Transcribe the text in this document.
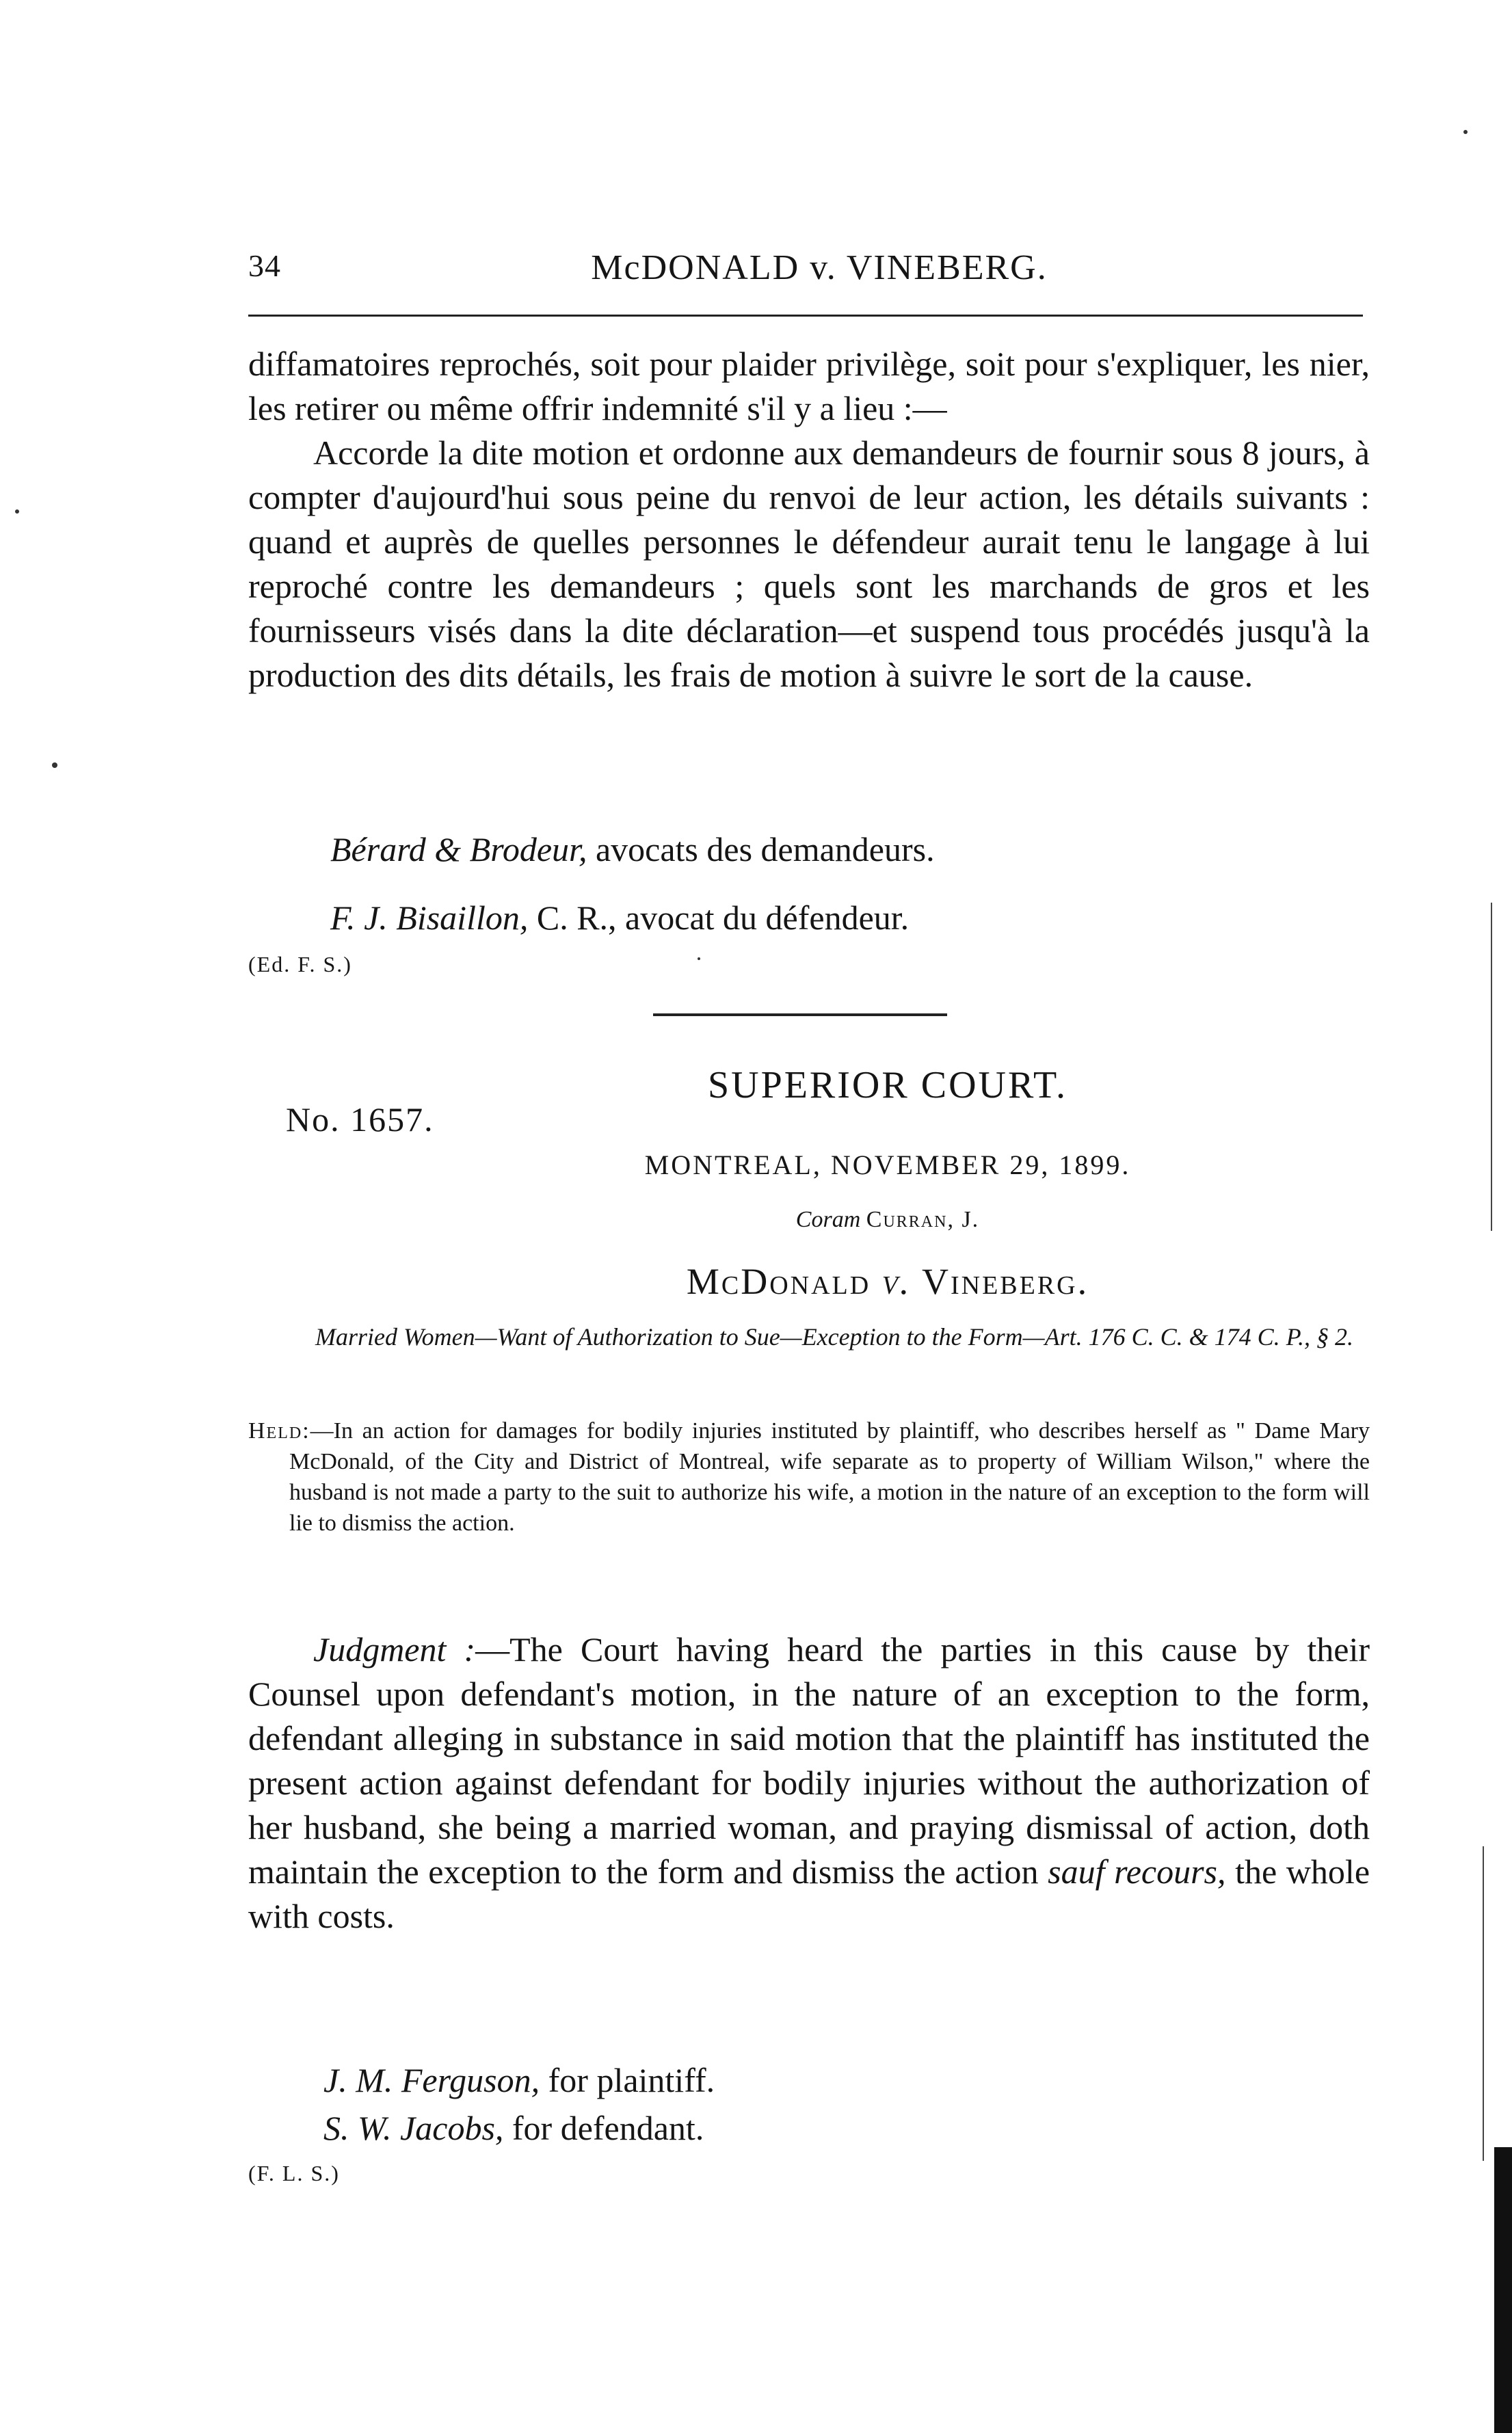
34	McDONALD v. VINEBERG.

diffamatoires reprochés, soit pour plaider privilège, soit pour s'expliquer, les nier, les retirer ou même offrir indemnité s'il y a lieu :—

Accorde la dite motion et ordonne aux demandeurs de fournir sous 8 jours, à compter d'aujourd'hui sous peine du renvoi de leur action, les détails suivants : quand et auprès de quelles personnes le défendeur aurait tenu le langage à lui reproché contre les demandeurs ; quels sont les marchands de gros et les fournisseurs visés dans la dite déclaration—et suspend tous procédés jusqu'à la production des dits détails, les frais de motion à suivre le sort de la cause.

Bérard & Brodeur, avocats des demandeurs.

F. J. Bisaillon, C. R., avocat du défendeur.

(Ed. F. S.)
SUPERIOR COURT.
No. 1657.
MONTREAL, NOVEMBER 29, 1899.
Coram Curran, J.
McDonald v. Vineberg.

Married Women—Want of Authorization to Sue—Exception to the Form—Art. 176 C. C. & 174 C. P., § 2.

Held:—In an action for damages for bodily injuries instituted by plaintiff, who describes herself as " Dame Mary McDonald, of the City and District of Montreal, wife separate as to property of William Wilson," where the husband is not made a party to the suit to authorize his wife, a motion in the nature of an exception to the form will lie to dismiss the action.

Judgment :—The Court having heard the parties in this cause by their Counsel upon defendant's motion, in the nature of an exception to the form, defendant alleging in substance in said motion that the plaintiff has instituted the present action against defendant for bodily injuries without the authorization of her husband, she being a married woman, and praying dismissal of action, doth maintain the exception to the form and dismiss the action sauf recours, the whole with costs.

J. M. Ferguson, for plaintiff.

S. W. Jacobs, for defendant.

(F. L. S.)
